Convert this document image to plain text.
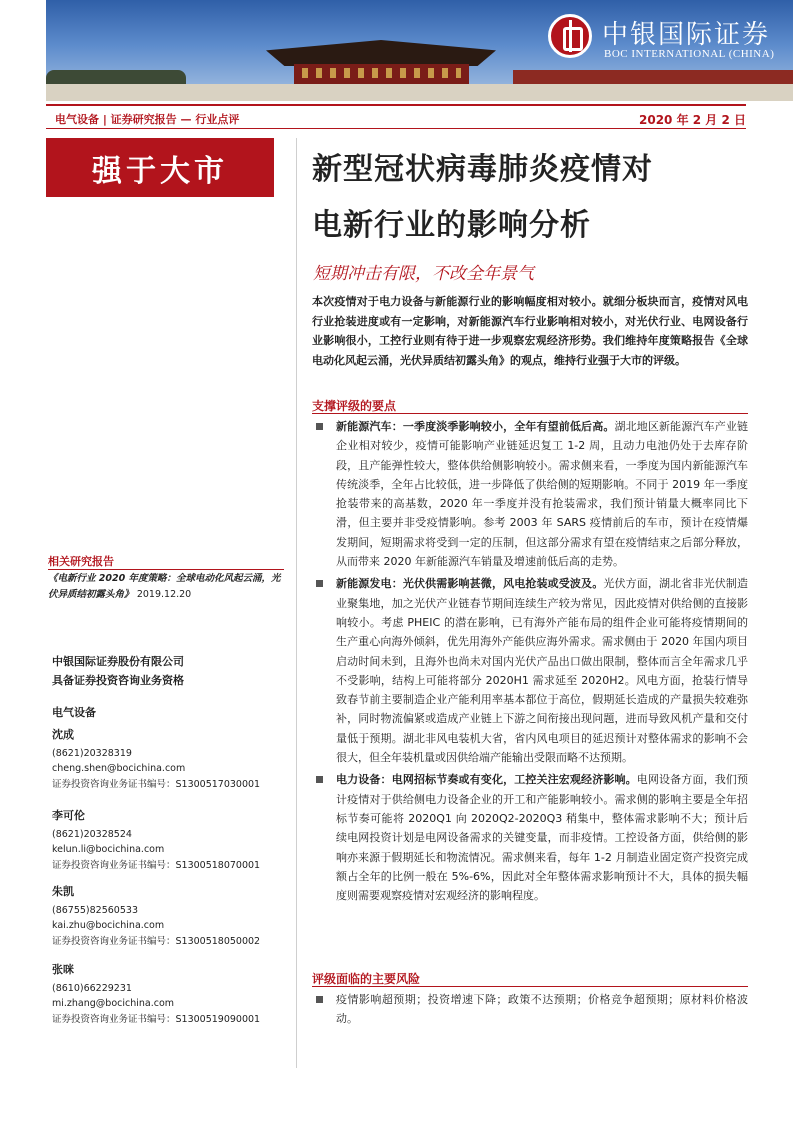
中银国际证券
BOC INTERNATIONAL (CHINA)
电气设备 | 证券研究报告 — 行业点评	2020 年 2 月 2 日
强于大市	新型冠状病毒肺炎疫情对
电新行业的影响分析
短期冲击有限，不改全年景气
本次疫情对于电力设备与新能源行业的影响幅度相对较小。就细分板块而言，疫情对风电行业抢装进度或有一定影响，对新能源汽车行业影响相对较小，对光伏行业、电网设备行业影响很小，工控行业则有待于进一步观察宏观经济形势。我们维持年度策略报告《全球电动化风起云涌，光伏异质结初露头角》的观点，维持行业强于大市的评级。
支撑评级的要点
新能源汽车：一季度淡季影响较小，全年有望前低后高。湖北地区新能源汽车产业链企业相对较少，疫情可能影响产业链延迟复工 1-2 周，且动力电池仍处于去库存阶段，且产能弹性较大，整体供给侧影响较小。需求侧来看，一季度为国内新能源汽车传统淡季，全年占比较低，进一步降低了供给侧的短期影响。不同于 2019 年一季度抢装带来的高基数，2020 年一季度并没有抢装需求，我们预计销量大概率同比下滑，但主要并非受疫情影响。参考 2003 年 SARS 疫情前后的车市，预计在疫情爆发期间，短期需求将受到一定的压制，但这部分需求有望在疫情结束之后部分释放，从而带来 2020 年新能源汽车销量及增速前低后高的走势。
新能源发电：光伏供需影响甚微，风电抢装或受波及。光伏方面，湖北省非光伏制造业聚集地，加之光伏产业链春节期间连续生产较为常见，因此疫情对供给侧的直接影响较小。考虑 PHEIC 的潜在影响，已有海外产能布局的组件企业可能将疫情期间的生产重心向海外倾斜，优先用海外产能供应海外需求。需求侧由于 2020 年国内项目启动时间未到，且海外也尚未对国内光伏产品出口做出限制，整体而言全年需求几乎不受影响，结构上可能将部分 2020H1 需求延至 2020H2。风电方面，抢装行情导致春节前主要制造企业产能利用率基本都位于高位，假期延长造成的产量损失较难弥补，同时物流偏紧或造成产业链上下游之间衔接出现问题，进而导致风机产量和交付量低于预期。湖北非风电装机大省，省内风电项目的延迟预计对整体需求的影响不会很大，但全年装机量或因供给端产能输出受限而略不达预期。
电力设备：电网招标节奏或有变化，工控关注宏观经济影响。电网设备方面，我们预计疫情对于供给侧电力设备企业的开工和产能影响较小。需求侧的影响主要是全年招标节奏可能将 2020Q1 向 2020Q2-2020Q3 稍集中，整体需求影响不大；预计后续电网投资计划是电网设备需求的关键变量，而非疫情。工控设备方面，供给侧的影响亦来源于假期延长和物流情况。需求侧来看，每年 1-2 月制造业固定资产投资完成额占全年的比例一般在 5%-6%，因此对全年整体需求影响预计不大，具体的损失幅度则需要观察疫情对宏观经济的影响程度。
评级面临的主要风险
疫情影响超预期；投资增速下降；政策不达预期；价格竞争超预期；原材料价格波动。
相关研究报告
《电新行业 2020 年度策略：全球电动化风起云涌，光伏异质结初露头角》 2019.12.20
中银国际证券股份有限公司
具备证券投资咨询业务资格
电气设备
沈成
(8621)20328319
cheng.shen@bocichina.com
证券投资咨询业务证书编号：S1300517030001
李可伦
(8621)20328524
kelun.li@bocichina.com
证券投资咨询业务证书编号：S1300518070001
朱凯
(86755)82560533
kai.zhu@bocichina.com
证券投资咨询业务证书编号：S1300518050002
张咪
(8610)66229231
mi.zhang@bocichina.com
证券投资咨询业务证书编号：S1300519090001
